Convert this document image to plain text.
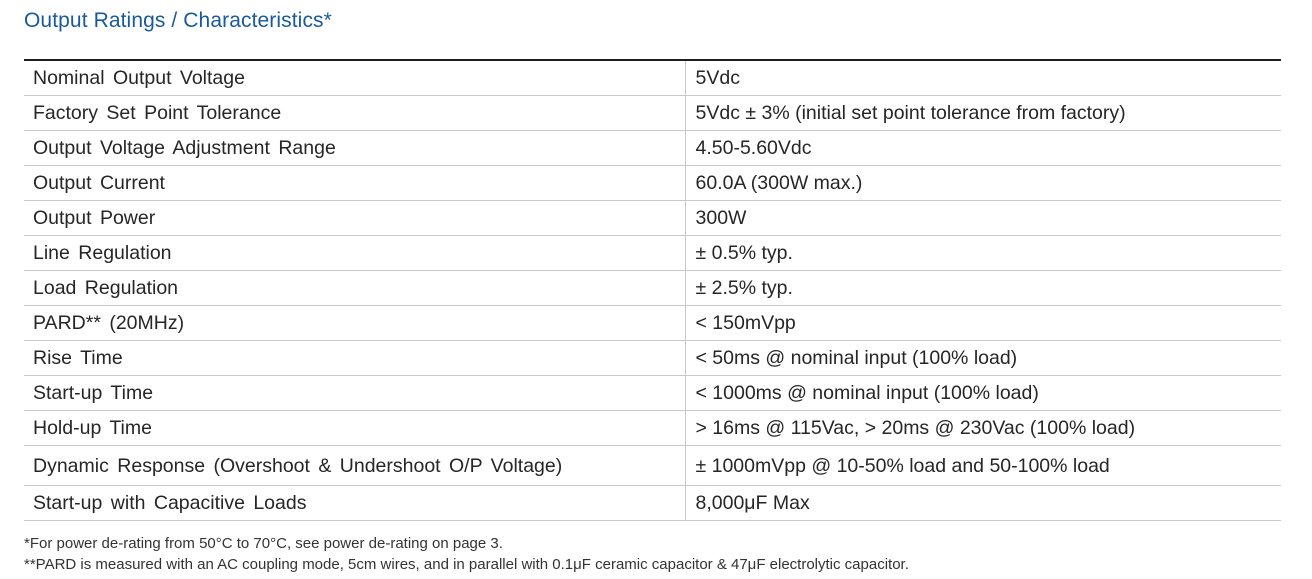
Output Ratings / Characteristics*
Nominal Output Voltage	5Vdc
Factory Set Point Tolerance	5Vdc ± 3% (initial set point tolerance from factory)
Output Voltage Adjustment Range	4.50-5.60Vdc
Output Current	60.0A (300W max.)
Output Power	300W
Line Regulation	± 0.5% typ.
Load Regulation	± 2.5% typ.
PARD** (20MHz)	< 150mVpp
Rise Time	< 50ms @ nominal input (100% load)
Start-up Time	< 1000ms @ nominal input (100% load)
Hold-up Time	> 16ms @ 115Vac, > 20ms @ 230Vac (100% load)
Dynamic Response (Overshoot & Undershoot O/P Voltage)	± 1000mVpp @ 10-50% load and 50-100% load
Start-up with Capacitive Loads	8,000μF Max
*For power de-rating from 50°C to 70°C, see power de-rating on page 3.
**PARD is measured with an AC coupling mode, 5cm wires, and in parallel with 0.1μF ceramic capacitor & 47μF electrolytic capacitor.
